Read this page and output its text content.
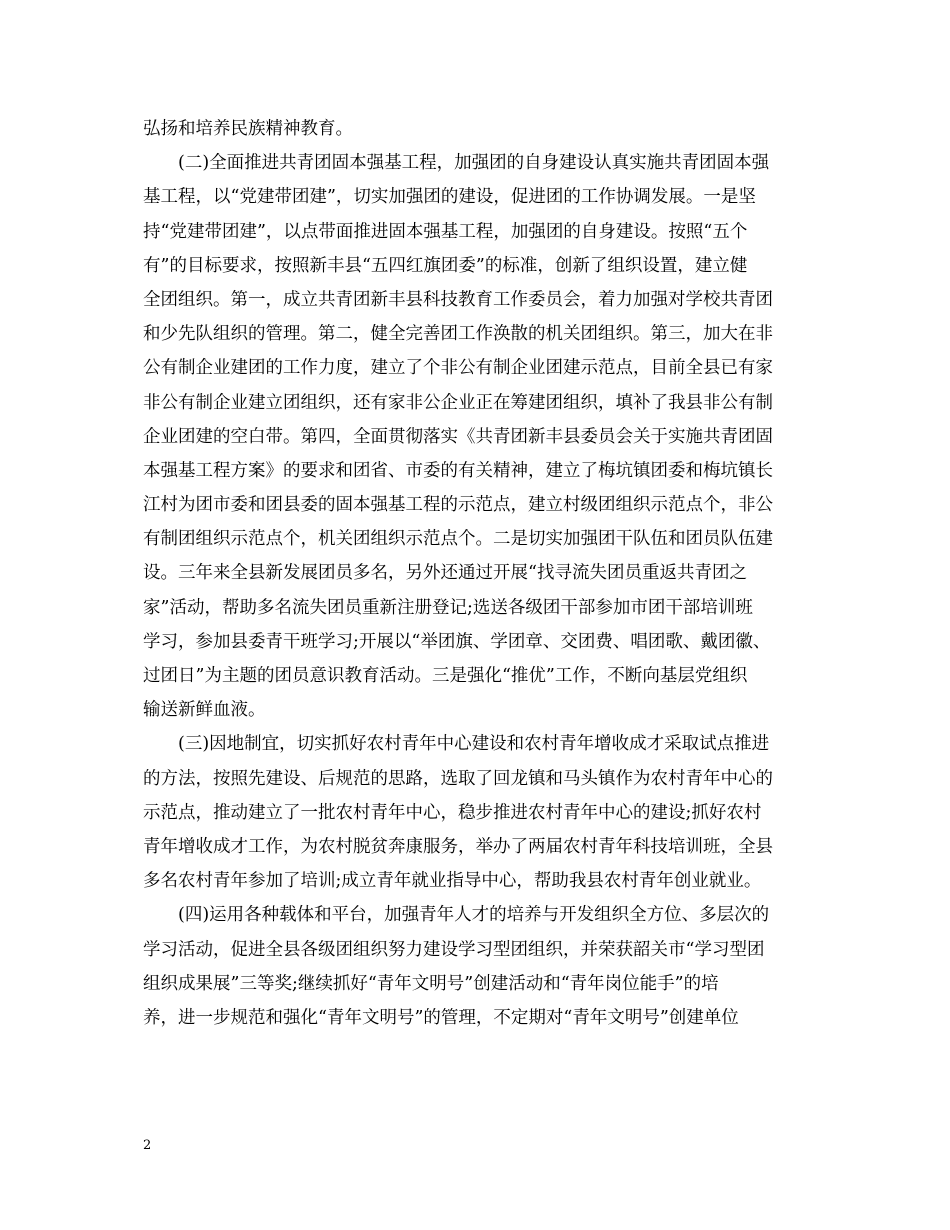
弘扬和培养民族精神教育。
(二)全面推进共青团固本强基工程，加强团的自身建设认真实施共青团固本强
基工程，以“党建带团建”，切实加强团的建设，促进团的工作协调发展。一是坚
持“党建带团建”，以点带面推进固本强基工程，加强团的自身建设。按照“五个
有”的目标要求，按照新丰县“五四红旗团委”的标准，创新了组织设置，建立健
全团组织。第一，成立共青团新丰县科技教育工作委员会，着力加强对学校共青团
和少先队组织的管理。第二，健全完善团工作涣散的机关团组织。第三，加大在非
公有制企业建团的工作力度，建立了个非公有制企业团建示范点，目前全县已有家
非公有制企业建立团组织，还有家非公企业正在筹建团组织，填补了我县非公有制
企业团建的空白带。第四，全面贯彻落实《共青团新丰县委员会关于实施共青团固
本强基工程方案》的要求和团省、市委的有关精神，建立了梅坑镇团委和梅坑镇长
江村为团市委和团县委的固本强基工程的示范点，建立村级团组织示范点个，非公
有制团组织示范点个，机关团组织示范点个。二是切实加强团干队伍和团员队伍建
设。三年来全县新发展团员多名，另外还通过开展“找寻流失团员重返共青团之
家”活动，帮助多名流失团员重新注册登记;选送各级团干部参加市团干部培训班
学习，参加县委青干班学习;开展以“举团旗、学团章、交团费、唱团歌、戴团徽、
过团日”为主题的团员意识教育活动。三是强化“推优”工作，不断向基层党组织
输送新鲜血液。
(三)因地制宜，切实抓好农村青年中心建设和农村青年增收成才采取试点推进
的方法，按照先建设、后规范的思路，选取了回龙镇和马头镇作为农村青年中心的
示范点，推动建立了一批农村青年中心，稳步推进农村青年中心的建设;抓好农村
青年增收成才工作，为农村脱贫奔康服务，举办了两届农村青年科技培训班，全县
多名农村青年参加了培训;成立青年就业指导中心，帮助我县农村青年创业就业。
(四)运用各种载体和平台，加强青年人才的培养与开发组织全方位、多层次的
学习活动，促进全县各级团组织努力建设学习型团组织，并荣获韶关市“学习型团
组织成果展”三等奖;继续抓好“青年文明号”创建活动和“青年岗位能手”的培
养，进一步规范和强化“青年文明号”的管理，不定期对“青年文明号”创建单位
2
